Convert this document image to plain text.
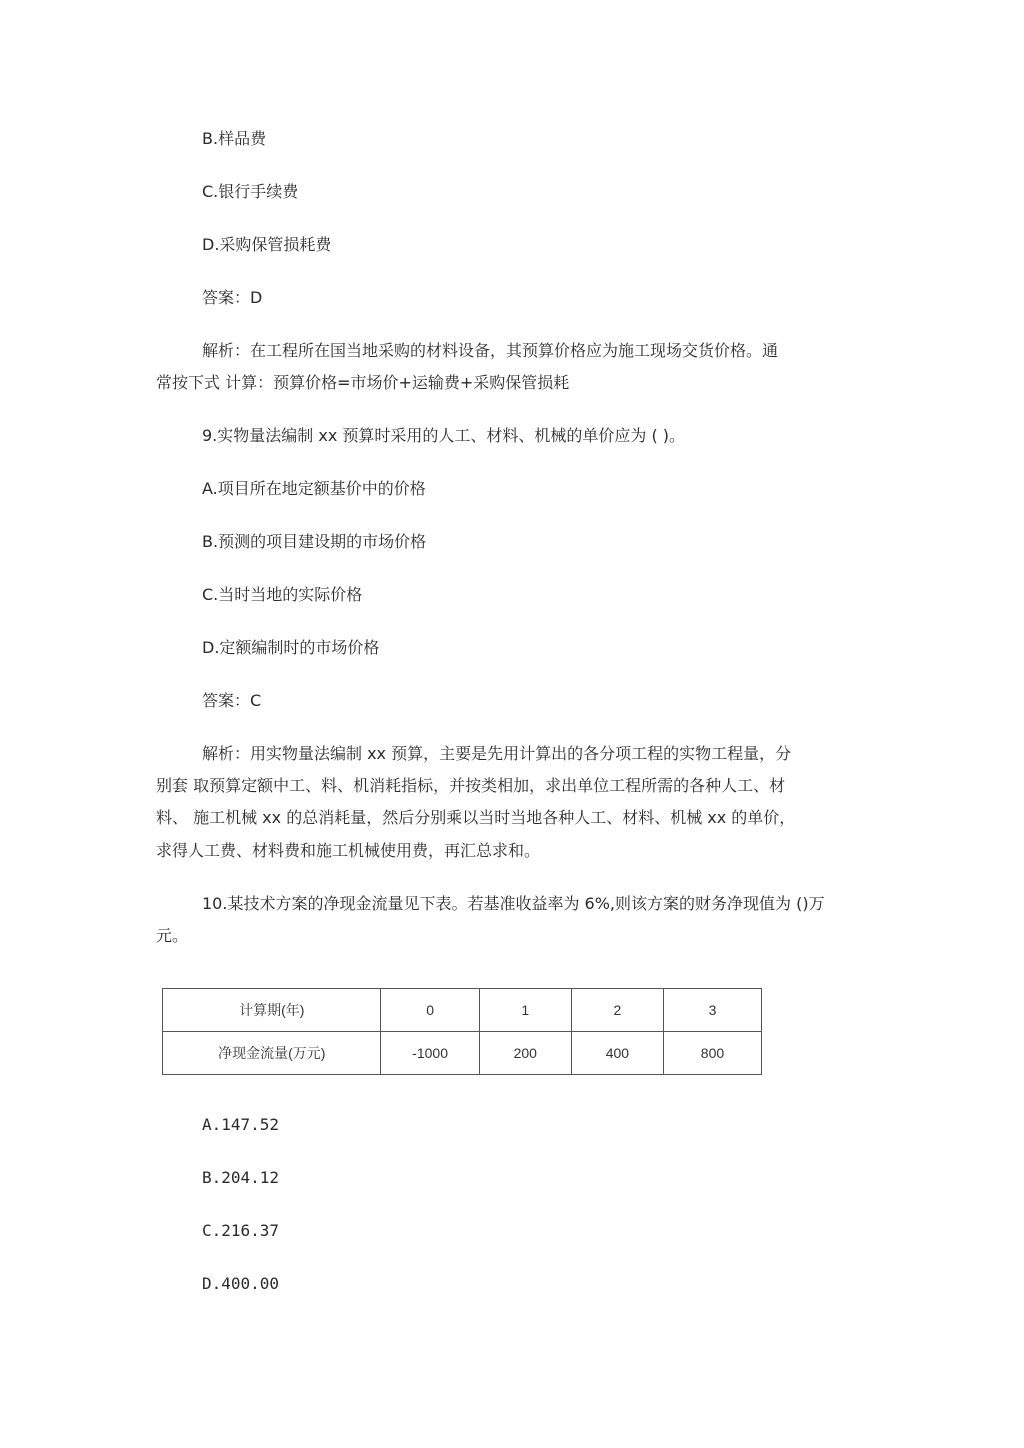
B.样品费
C.银行手续费
D.采购保管损耗费
答案：D
解析：在工程所在国当地采购的材料设备，其预算价格应为施工现场交货价格。通
常按下式 计算：预算价格=市场价+运输费+采购保管损耗
9.实物量法编制 xx 预算时采用的人工、材料、机械的单价应为 ( )。
A.项目所在地定额基价中的价格
B.预测的项目建设期的市场价格
C.当时当地的实际价格
D.定额编制时的市场价格
答案：C
解析：用实物量法编制 xx 预算，主要是先用计算出的各分项工程的实物工程量，分
别套 取预算定额中工、料、机消耗指标，并按类相加，求出单位工程所需的各种人工、材
料、 施工机械 xx 的总消耗量，然后分别乘以当时当地各种人工、材料、机械 xx 的单价，
求得人工费、材料费和施工机械使用费，再汇总求和。
10.某技术方案的净现金流量见下表。若基准收益率为 6%,则该方案的财务净现值为 ()万
元。
计算期(年)	0	1	2	3
净现金流量(万元)	-1000	200	400	800
A.147.52
B.204.12
C.216.37
D.400.00
